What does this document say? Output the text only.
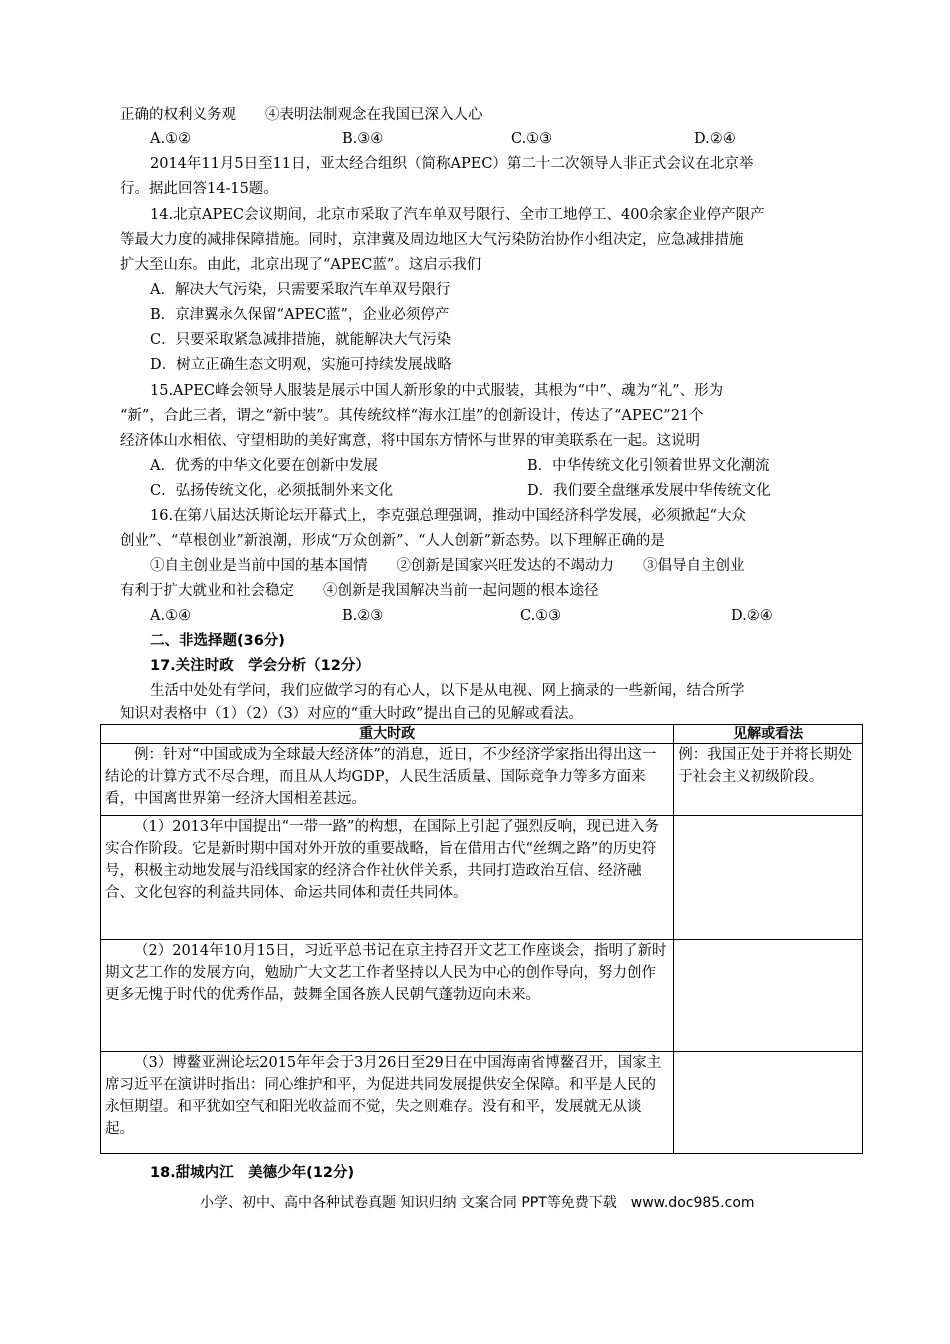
正确的权利义务观　　④表明法制观念在我国已深入人心
A.①②	B.③④	C.①③	D.②④
2014年11月5日至11日，亚太经合组织（简称APEC）第二十二次领导人非正式会议在北京举
行。据此回答14-15题。
14.北京APEC会议期间，北京市采取了汽车单双号限行、全市工地停工、400余家企业停产限产
等最大力度的减排保障措施。同时，京津冀及周边地区大气污染防治协作小组决定，应急减排措施
扩大至山东。由此，北京出现了“APEC蓝”。这启示我们
A．解决大气污染，只需要采取汽车单双号限行
B．京津翼永久保留“APEC蓝”，企业必须停产
C．只要采取紧急减排措施，就能解决大气污染
D．树立正确生态文明观，实施可持续发展战略
15.APEC峰会领导人服装是展示中国人新形象的中式服装，其根为“中”、魂为“礼”、形为
“新”，合此三者，谓之“新中装”。其传统纹样“海水江崖”的创新设计，传达了“APEC”21个
经济体山水相依、守望相助的美好寓意，将中国东方情怀与世界的审美联系在一起。这说明
A．优秀的中华文化要在创新中发展	B．中华传统文化引领着世界文化潮流
C．弘扬传统文化，必须抵制外来文化	D．我们要全盘继承发展中华传统文化
16.在第八届达沃斯论坛开幕式上，李克强总理强调，推动中国经济科学发展，必须掀起“大众
创业”、“草根创业”新浪潮，形成“万众创新”、“人人创新”新态势。以下理解正确的是
①自主创业是当前中国的基本国情　　②创新是国家兴旺发达的不竭动力　　③倡导自主创业
有利于扩大就业和社会稳定　　④创新是我国解决当前一起问题的根本途径
A.①④	B.②③	C.①③	D.②④
二、非选择题(36分)
17.关注时政　学会分析（12分）
生活中处处有学问，我们应做学习的有心人，以下是从电视、网上摘录的一些新闻，结合所学
知识对表格中（1）（2）（3）对应的“重大时政”提出自己的见解或看法。
重大时政	见解或看法

例：针对“中国或成为全球最大经济体”的消息，近日，不少经济学家指出得出这一结论的计算方式不尽合理，而且从人均GDP，人民生活质量、国际竞争力等多方面来看，中国离世界第一经济大国相差甚远。	例：我国正处于并将长期处于社会主义初级阶段。

（1）2013年中国提出“一带一路”的构想，在国际上引起了强烈反响，现已进入务实合作阶段。它是新时期中国对外开放的重要战略，旨在借用古代“丝绸之路”的历史符号，积极主动地发展与沿线国家的经济合作社伙伴关系，共同打造政治互信、经济融合、文化包容的利益共同体、命运共同体和责任共同体。	

（2）2014年10月15日，习近平总书记在京主持召开文艺工作座谈会，指明了新时期文艺工作的发展方向，勉励广大文艺工作者坚持以人民为中心的创作导向，努力创作更多无愧于时代的优秀作品，鼓舞全国各族人民朝气蓬勃迈向未来。	

（3）博鳌亚洲论坛2015年年会于3月26日至29日在中国海南省博鳌召开，国家主席习近平在演讲时指出：同心维护和平，为促进共同发展提供安全保障。和平是人民的永恒期望。和平犹如空气和阳光收益而不觉，失之则难存。没有和平，发展就无从谈起。	

18.甜城内江　美德少年(12分)
小学、初中、高中各种试卷真题 知识归纳 文案合同 PPT等免费下载　www.doc985.com
